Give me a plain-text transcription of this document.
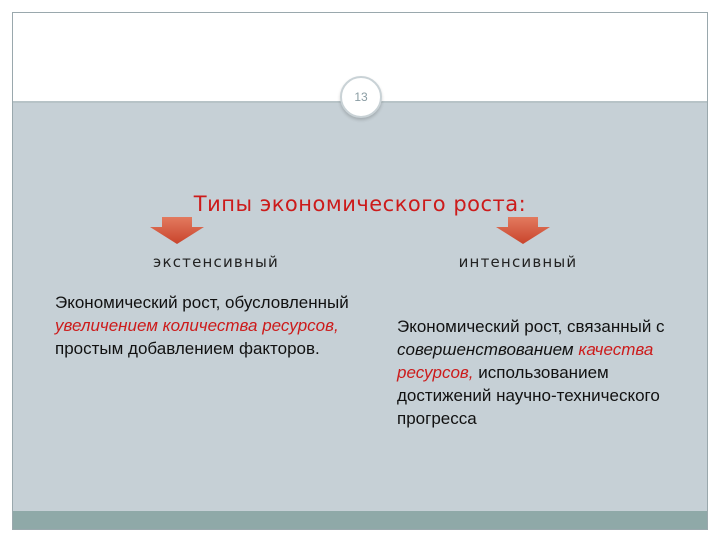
13
Типы экономического роста:
экстенсивный	интенсивный
Экономический рост, обусловленный увеличением количества ресурсов, простым добавлением факторов.
Экономический рост, связанный с совершенствованием качества ресурсов, использованием достижений научно-технического прогресса
